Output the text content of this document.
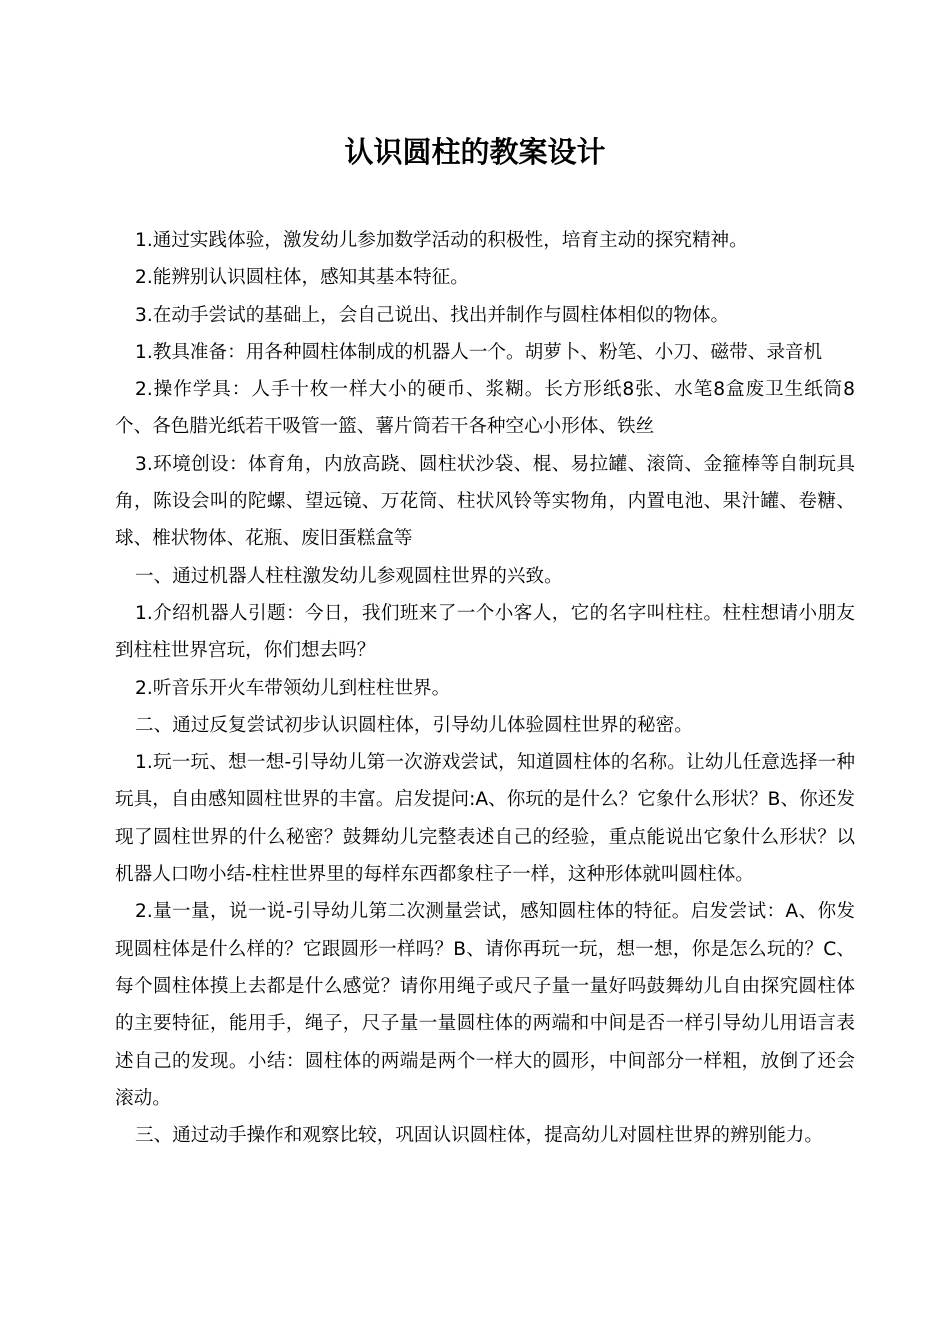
认识圆柱的教案设计

1.通过实践体验，激发幼儿参加数学活动的积极性，培育主动的探究精神。

2.能辨别认识圆柱体，感知其基本特征。

3.在动手尝试的基础上，会自己说出、找出并制作与圆柱体相似的物体。

1.教具准备：用各种圆柱体制成的机器人一个。胡萝卜、粉笔、小刀、磁带、录音机

2.操作学具：人手十枚一样大小的硬币、浆糊。长方形纸8张、水笔8盒废卫生纸筒8个、各色腊光纸若干吸管一篮、薯片筒若干各种空心小形体、铁丝

3.环境创设：体育角，内放高跷、圆柱状沙袋、棍、易拉罐、滚筒、金箍棒等自制玩具角，陈设会叫的陀螺、望远镜、万花筒、柱状风铃等实物角，内置电池、果汁罐、卷糖、球、椎状物体、花瓶、废旧蛋糕盒等

一、通过机器人柱柱激发幼儿参观圆柱世界的兴致。

1.介绍机器人引题：今日，我们班来了一个小客人，它的名字叫柱柱。柱柱想请小朋友到柱柱世界宫玩，你们想去吗？

2.听音乐开火车带领幼儿到柱柱世界。

二、通过反复尝试初步认识圆柱体，引导幼儿体验圆柱世界的秘密。

1.玩一玩、想一想-引导幼儿第一次游戏尝试，知道圆柱体的名称。让幼儿任意选择一种玩具，自由感知圆柱世界的丰富。启发提问:A、你玩的是什么？它象什么形状？B、你还发现了圆柱世界的什么秘密？鼓舞幼儿完整表述自己的经验，重点能说出它象什么形状？以机器人口吻小结-柱柱世界里的每样东西都象柱子一样，这种形体就叫圆柱体。

2.量一量，说一说-引导幼儿第二次测量尝试，感知圆柱体的特征。启发尝试：A、你发现圆柱体是什么样的？它跟圆形一样吗？B、请你再玩一玩，想一想，你是怎么玩的？C、每个圆柱体摸上去都是什么感觉？请你用绳子或尺子量一量好吗鼓舞幼儿自由探究圆柱体的主要特征，能用手，绳子，尺子量一量圆柱体的两端和中间是否一样引导幼儿用语言表述自己的发现。小结：圆柱体的两端是两个一样大的圆形，中间部分一样粗，放倒了还会滚动。

三、通过动手操作和观察比较，巩固认识圆柱体，提高幼儿对圆柱世界的辨别能力。
